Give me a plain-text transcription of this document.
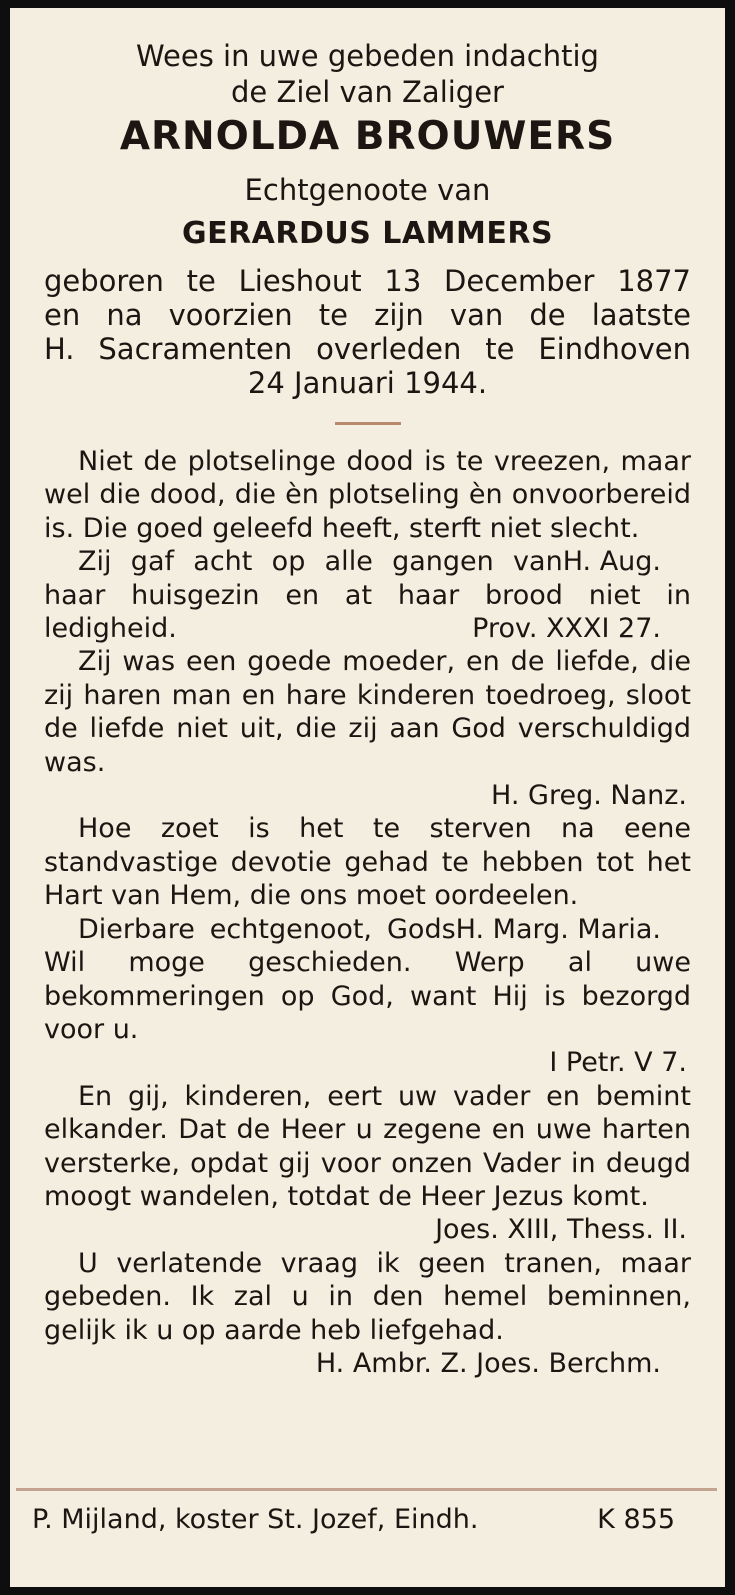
Wees in uwe gebeden indachtig

de Ziel van Zaliger

ARNOLDA BROUWERS

Echtgenoote van

GERARDUS LAMMERS

geboren te Lieshout 13 December 1877
en na voorzien te zijn van de laatste
H. Sacramenten overleden te Eindhoven
24 Januari 1944.

Niet de plotselinge dood is te vreezen, maar wel die dood, die èn plotseling èn onvoorbereid is. Die goed geleefd heeft, sterft niet slecht.
H. Aug.

Zij gaf acht op alle gangen van haar huisgezin en at haar brood niet in ledigheid.	Prov. XXXI 27.

Zij was een goede moeder, en de liefde, die zij haren man en hare kinderen toedroeg, sloot de liefde niet uit, die zij aan God verschuldigd was.

H. Greg. Nanz.

Hoe zoet is het te sterven na eene standvastige devotie gehad te hebben tot het Hart van Hem, die ons moet oordeelen.
H. Marg. Maria.

Dierbare echtgenoot, Gods Wil moge geschieden. Werp al uwe bekommeringen op God, want Hij is bezorgd voor u.

I Petr. V 7.

En gij, kinderen, eert uw vader en bemint elkander. Dat de Heer u zegene en uwe harten versterke, opdat gij voor onzen Vader in deugd moogt wandelen, totdat de Heer Jezus komt.

Joes. XIII, Thess. II.

U verlatende vraag ik geen tranen, maar gebeden. Ik zal u in den hemel beminnen, gelijk ik u op aarde heb liefgehad.
H. Ambr. Z. Joes. Berchm.

P. Mijland, koster St. Jozef, Eindh.	K 855
